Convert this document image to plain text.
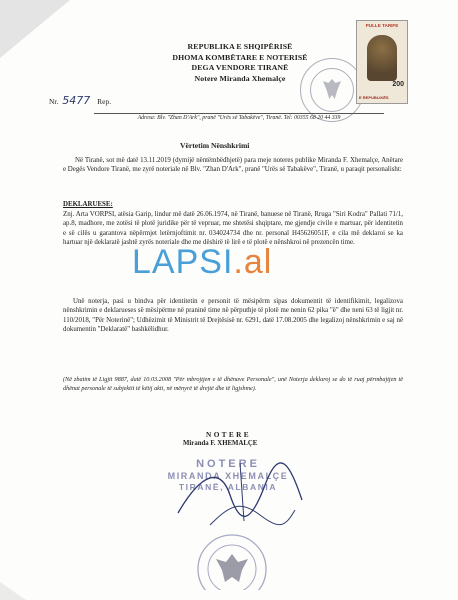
REPUBLIKA E SHQIPËRISË
DHOMA KOMBËTARE E NOTERISË
DEGA VENDORE TIRANË
Notere Miranda Xhemalçe
PULLE TARIFE
200
E REPUBLIKËS
Nr. 5477 Rep.
Adresa: Blv. "Zhan D'Ark", pranë "Urës së Tabakëve", Tiranë. Tel: 00355 68 20 44 339
Vërtetim Nënshkrimi
Në Tiranë, sot më datë 13.11.2019 (dymijë nëntëmbëdhjetë) para meje noteres publike Miranda F. Xhemalçe, Anëtare e Degës Vendore Tiranë, me zyrë noteriale në Blv. "Zhan D'Ark", pranë "Urës së Tabakëve", Tiranë, u paraqit personalisht:
DEKLARUESE:
Znj. Arta VORPSI, atësia Garip, lindur më datë 26.06.1974, në Tiranë, banuese në Tiranë, Rruga "Siri Kodra" Pallati 71/1, ap.8, madhore, me zotësi të plotë juridike për të vepruar, me shtetësi shqiptare, me gjendje civile e martuar, për identitetin e së cilës u garantova nëpërmjet letërnjoftimit nr. 034024734 dhe nr. personal H45626051F, e cila më deklaroi se ka hartuar një deklaratë jashtë zyrës noteriale dhe me dëshirë të lirë e të plotë e nënshkroi në prezencën time.
Unë noterja, pasi u bindva për identitetin e personit të mësipërm sipas dokumentit të identifikimit, legalizova nënshkrimin e deklarueses së mësipërme në praninë time në përputhje të plotë me nenin 62 pika "ë" dhe neni 63 të ligjit nr. 110/2018, "Për Noterinë"; Udhëzimit të Ministrit të Drejtësisë nr. 6291, datë 17.08.2005 dhe legalizoj nënshkrimin e saj në dokumentin "Deklaratë" bashkëlidhur.
LAPSI.al
(Në zbatim të Ligjit 9887, datë 10.03.2008 "Për mbrojtjen e të dhënave Personale", unë Noterja deklaroj se do të ruaj përmbajtjen të dhënat personale të subjektit të këtij akti, në mënyrë të drejtë dhe të ligjshme).
N O T E R E
Miranda F. XHEMALÇE
NOTERE
MIRANDA XHEMALÇE
TIRANË, ALBANIA
